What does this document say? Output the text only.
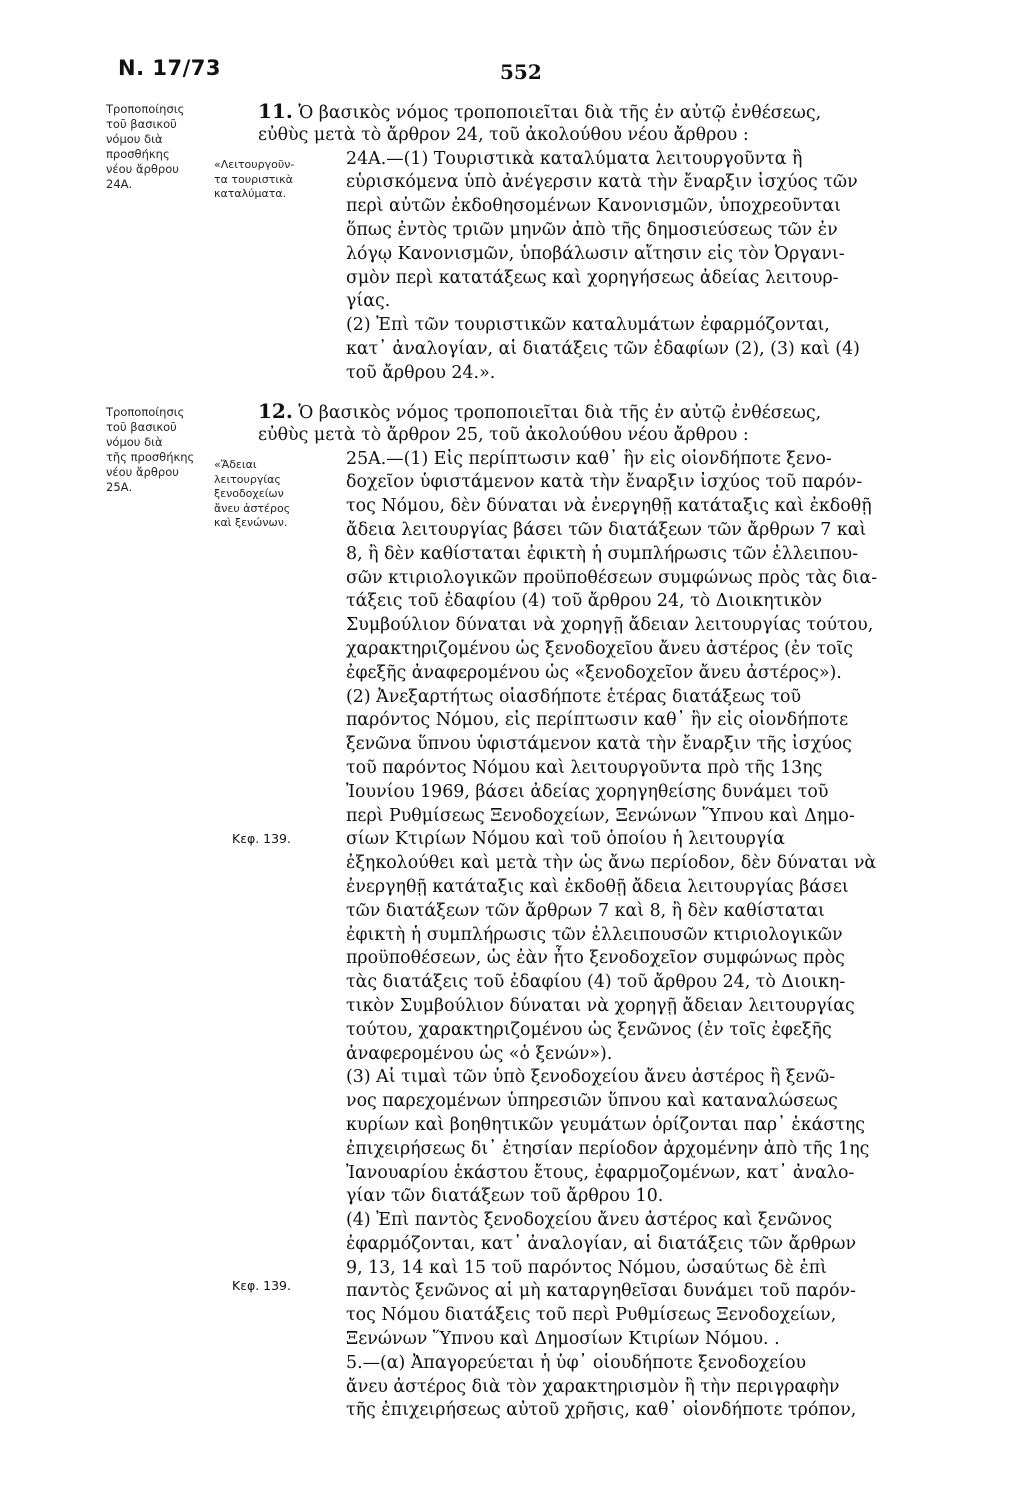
Ν. 17/73	552
Τροποποίησις
τοῦ βασικοῦ
νόμου διὰ
προσθήκης
νέου ἄρθρου
24Α.
Τροποποίησις
τοῦ βασικοῦ
νόμου διὰ
τῆς προσθήκης
νέου ἄρθρου
25Α.
«Λειτουργοῦν-
τα τουριστικὰ
καταλύματα.
«Ἄδειαι
λειτουργίας
ξενοδοχείων
ἄνευ ἀστέρος
καὶ ξενώνων.
Κεφ. 139.
Κεφ. 139.
11. Ὁ βασικὸς νόμος τροποποιεῖται διὰ τῆς ἐν αὐτῷ ἐνθέσεως,
εὐθὺς μετὰ τὸ ἄρθρον 24, τοῦ ἀκολούθου νέου ἄρθρου :
24Α.—(1) Τουριστικὰ καταλύματα λειτουργοῦντα ἢ
εὑρισκόμενα ὑπὸ ἀνέγερσιν κατὰ τὴν ἔναρξιν ἰσχύος τῶν
περὶ αὐτῶν ἐκδοθησομένων Κανονισμῶν, ὑποχρεοῦνται
ὅπως ἐντὸς τριῶν μηνῶν ἀπὸ τῆς δημοσιεύσεως τῶν ἐν
λόγῳ Κανονισμῶν, ὑποβάλωσιν αἴτησιν εἰς τὸν Ὀργανι-
σμὸν περὶ κατατάξεως καὶ χορηγήσεως ἀδείας λειτουρ-
γίας.
(2) Ἐπὶ τῶν τουριστικῶν καταλυμάτων ἐφαρμόζονται,
κατ᾽ ἀναλογίαν, αἱ διατάξεις τῶν ἐδαφίων (2), (3) καὶ (4)
τοῦ ἄρθρου 24.».
12. Ὁ βασικὸς νόμος τροποποιεῖται διὰ τῆς ἐν αὐτῷ ἐνθέσεως,
εὐθὺς μετὰ τὸ ἄρθρον 25, τοῦ ἀκολούθου νέου ἄρθρου :
25Α.—(1) Εἰς περίπτωσιν καθ᾽ ἣν εἰς οἱονδήποτε ξενο-
δοχεῖον ὑφιστάμενον κατὰ τὴν ἔναρξιν ἰσχύος τοῦ παρόν-
τος Νόμου, δὲν δύναται νὰ ἐνεργηθῇ κατάταξις καὶ ἐκδοθῇ
ἄδεια λειτουργίας βάσει τῶν διατάξεων τῶν ἄρθρων 7 καὶ
8, ἢ δὲν καθίσταται ἐφικτὴ ἡ συμπλήρωσις τῶν ἐλλειπου-
σῶν κτιριολογικῶν προϋποθέσεων συμφώνως πρὸς τὰς δια-
τάξεις τοῦ ἐδαφίου (4) τοῦ ἄρθρου 24, τὸ Διοικητικὸν
Συμβούλιον δύναται νὰ χορηγῇ ἄδειαν λειτουργίας τούτου,
χαρακτηριζομένου ὡς ξενοδοχεῖου ἄνευ ἀστέρος (ἐν τοῖς
ἐφεξῆς ἀναφερομένου ὡς «ξενοδοχεῖον ἄνευ ἀστέρος»).
(2) Ἀνεξαρτήτως οἱασδήποτε ἑτέρας διατάξεως τοῦ
παρόντος Νόμου, εἰς περίπτωσιν καθ᾽ ἣν εἰς οἱονδήποτε
ξενῶνα ὕπνου ὑφιστάμενον κατὰ τὴν ἔναρξιν τῆς ἰσχύος
τοῦ παρόντος Νόμου καὶ λειτουργοῦντα πρὸ τῆς 13ης
Ἰουνίου 1969, βάσει ἀδείας χορηγηθείσης δυνάμει τοῦ
περὶ Ρυθμίσεως Ξενοδοχείων, Ξενώνων Ὕπνου καὶ Δημο-
σίων Κτιρίων Νόμου καὶ τοῦ ὁποίου ἡ λειτουργία
ἐξηκολούθει καὶ μετὰ τὴν ὡς ἄνω περίοδον, δὲν δύναται νὰ
ἐνεργηθῇ κατάταξις καὶ ἐκδοθῇ ἄδεια λειτουργίας βάσει
τῶν διατάξεων τῶν ἄρθρων 7 καὶ 8, ἢ δὲν καθίσταται
ἐφικτὴ ἡ συμπλήρωσις τῶν ἐλλειπουσῶν κτιριολογικῶν
προϋποθέσεων, ὡς ἐὰν ἦτο ξενοδοχεῖον συμφώνως πρὸς
τὰς διατάξεις τοῦ ἐδαφίου (4) τοῦ ἄρθρου 24, τὸ Διοικη-
τικὸν Συμβούλιον δύναται νὰ χορηγῇ ἄδειαν λειτουργίας
τούτου, χαρακτηριζομένου ὡς ξενῶνος (ἐν τοῖς ἐφεξῆς
ἀναφερομένου ὡς «ὁ ξενών»).
(3) Αἱ τιμαὶ τῶν ὑπὸ ξενοδοχείου ἄνευ ἀστέρος ἢ ξενῶ-
νος παρεχομένων ὑπηρεσιῶν ὕπνου καὶ καταναλώσεως
κυρίων καὶ βοηθητικῶν γευμάτων ὁρίζονται παρ᾽ ἑκάστης
ἐπιχειρήσεως δι᾽ ἐτησίαν περίοδον ἀρχομένην ἀπὸ τῆς 1ης
Ἰανουαρίου ἑκάστου ἔτους, ἐφαρμοζομένων, κατ᾽ ἀναλο-
γίαν τῶν διατάξεων τοῦ ἄρθρου 10.
(4) Ἐπὶ παντὸς ξενοδοχείου ἄνευ ἀστέρος καὶ ξενῶνος
ἐφαρμόζονται, κατ᾽ ἀναλογίαν, αἱ διατάξεις τῶν ἄρθρων
9, 13, 14 καὶ 15 τοῦ παρόντος Νόμου, ὡσαύτως δὲ ἐπὶ
παντὸς ξενῶνος αἱ μὴ καταργηθεῖσαι δυνάμει τοῦ παρόν-
τος Νόμου διατάξεις τοῦ περὶ Ρυθμίσεως Ξενοδοχείων,
Ξενώνων Ὕπνου καὶ Δημοσίων Κτιρίων Νόμου. .
5.—(α) Ἀπαγορεύεται ἡ ὑφ᾽ οἱουδήποτε ξενοδοχείου
ἄνευ ἀστέρος διὰ τὸν χαρακτηρισμὸν ἢ τὴν περιγραφὴν
τῆς ἐπιχειρήσεως αὐτοῦ χρῆσις, καθ᾽ οἱονδήποτε τρόπον,
